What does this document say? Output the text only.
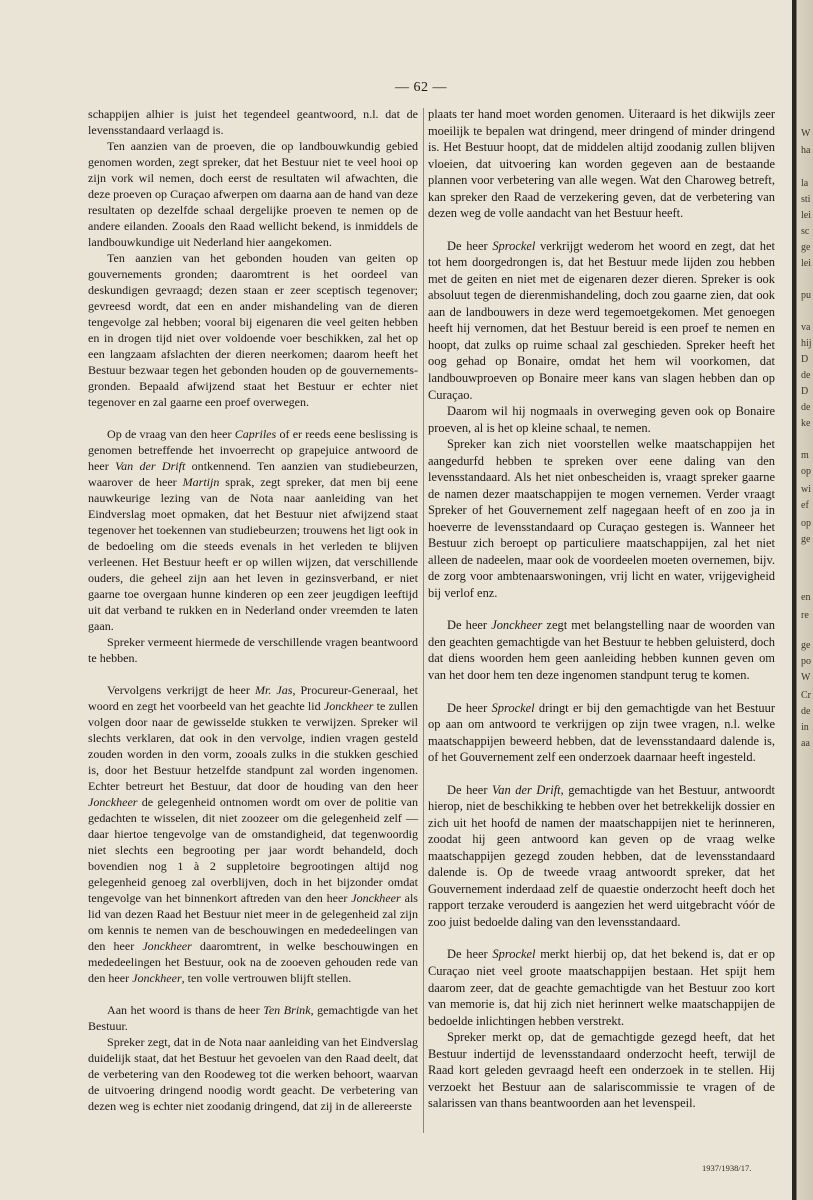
— 62 —

schappijen alhier is juist het tegendeel geantwoord, n.l. dat de levensstandaard verlaagd is.

Ten aanzien van de proeven, die op landbouwkundig gebied genomen worden, zegt spreker, dat het Bestuur niet te veel hooi op zijn vork wil nemen, doch eerst de resultaten wil afwachten, die deze proeven op Curaçao afwerpen om daarna aan de hand van deze resultaten op dezelfde schaal dergelijke proeven te nemen op de andere eilanden. Zooals den Raad wellicht bekend, is inmiddels de landbouwkundige uit Nederland hier aangekomen.

Ten aanzien van het gebonden houden van geiten op gouvernements gronden; daaromtrent is het oordeel van deskundigen gevraagd; dezen staan er zeer sceptisch tegenover; gevreesd wordt, dat een en ander mishandeling van de dieren tengevolge zal hebben; vooral bij eigenaren die veel geiten hebben en in drogen tijd niet over voldoende voer beschikken, zal het op een langzaam afslachten der dieren neerkomen; daarom heeft het Bestuur bezwaar tegen het gebonden houden op de gouvernements-gronden. Bepaald afwijzend staat het Bestuur er echter niet tegenover en zal gaarne een proef overwegen.

Op de vraag van den heer Capriles of er reeds eene beslissing is genomen betreffende het invoerrecht op grapejuice antwoord de heer Van der Drift ontkennend. Ten aanzien van studiebeurzen, waarover de heer Martijn sprak, zegt spreker, dat men bij eene nauwkeurige lezing van de Nota naar aanleiding van het Eindverslag moet opmaken, dat het Bestuur niet afwijzend staat tegenover het toekennen van studiebeurzen; trouwens het ligt ook in de bedoeling om die steeds evenals in het verleden te blijven verleenen. Het Bestuur heeft er op willen wijzen, dat verschillende ouders, die geheel zijn aan het leven in gezinsverband, er niet gaarne toe overgaan hunne kinderen op een zeer jeugdigen leeftijd uit dat verband te rukken en in Nederland onder vreemden te laten gaan.

Spreker vermeent hiermede de verschillende vragen beantwoord te hebben.

Vervolgens verkrijgt de heer Mr. Jas, Procureur-Generaal, het woord en zegt het voorbeeld van het geachte lid Jonckheer te zullen volgen door naar de gewisselde stukken te verwijzen. Spreker wil slechts verklaren, dat ook in den vervolge, indien vragen gesteld zouden worden in den vorm, zooals zulks in die stukken geschied is, door het Bestuur hetzelfde standpunt zal worden ingenomen. Echter betreurt het Bestuur, dat door de houding van den heer Jonckheer de gelegenheid ontnomen wordt om over de politie van gedachten te wisselen, dit niet zoozeer om die gelegenheid zelf — daar hiertoe tengevolge van de omstandigheid, dat tegenwoordig niet slechts een begrooting per jaar wordt behandeld, doch bovendien nog 1 à 2 suppletoire begrootingen altijd nog gelegenheid genoeg zal overblijven, doch in het bijzonder omdat tengevolge van het binnenkort aftreden van den heer Jonckheer als lid van dezen Raad het Bestuur niet meer in de gelegenheid zal zijn om kennis te nemen van de beschouwingen en mededeelingen van den heer Jonckheer daaromtrent, in welke beschouwingen en mededeelingen het Bestuur, ook na de zooeven gehouden rede van den heer Jonckheer, ten volle vertrouwen blijft stellen.

Aan het woord is thans de heer Ten Brink, gemachtigde van het Bestuur.

Spreker zegt, dat in de Nota naar aanleiding van het Eindverslag duidelijk staat, dat het Bestuur het gevoelen van den Raad deelt, dat de verbetering van den Roodeweg tot die werken behoort, waarvan de uitvoering dringend noodig wordt geacht. De verbetering van dezen weg is echter niet zoodanig dringend, dat zij in de allereerste

plaats ter hand moet worden genomen. Uiteraard is het dikwijls zeer moeilijk te bepalen wat dringend, meer dringend of minder dringend is. Het Bestuur hoopt, dat de middelen altijd zoodanig zullen blijven vloeien, dat uitvoering kan worden gegeven aan de bestaande plannen voor verbetering van alle wegen. Wat den Charoweg betreft, kan spreker den Raad de verzekering geven, dat de verbetering van dezen weg de volle aandacht van het Bestuur heeft.

De heer Sprockel verkrijgt wederom het woord en zegt, dat het tot hem doorgedrongen is, dat het Bestuur mede lijden zou hebben met de geiten en niet met de eigenaren dezer dieren. Spreker is ook absoluut tegen de dierenmishandeling, doch zou gaarne zien, dat ook aan de landbouwers in deze werd tegemoetgekomen. Met genoegen heeft hij vernomen, dat het Bestuur bereid is een proef te nemen en hoopt, dat zulks op ruime schaal zal geschieden. Spreker heeft het oog gehad op Bonaire, omdat het hem wil voorkomen, dat landbouwproeven op Bonaire meer kans van slagen hebben dan op Curaçao.

Daarom wil hij nogmaals in overweging geven ook op Bonaire proeven, al is het op kleine schaal, te nemen.

Spreker kan zich niet voorstellen welke maatschappijen het aangedurfd hebben te spreken over eene daling van den levensstandaard. Als het niet onbescheiden is, vraagt spreker gaarne de namen dezer maatschappijen te mogen vernemen. Verder vraagt Spreker of het Gouvernement zelf nagegaan heeft of en zoo ja in hoeverre de levensstandaard op Curaçao gestegen is. Wanneer het Bestuur zich beroept op particuliere maatschappijen, zal het niet alleen de nadeelen, maar ook de voordeelen moeten overnemen, bijv. de zorg voor ambtenaarswoningen, vrij licht en water, vrijgevigheid bij verlof enz.

De heer Jonckheer zegt met belangstelling naar de woorden van den geachten gemachtigde van het Bestuur te hebben geluisterd, doch dat diens woorden hem geen aanleiding hebben kunnen geven om van het door hem ten deze ingenomen standpunt terug te komen.

De heer Sprockel dringt er bij den gemachtigde van het Bestuur op aan om antwoord te verkrijgen op zijn twee vragen, n.l. welke maatschappijen beweerd hebben, dat de levensstandaard dalende is, of het Gouvernement zelf een onderzoek daarnaar heeft ingesteld.

De heer Van der Drift, gemachtigde van het Bestuur, antwoordt hierop, niet de beschikking te hebben over het betrekkelijk dossier en zich uit het hoofd de namen der maatschappijen niet te herinneren, zoodat hij geen antwoord kan geven op de vraag welke maatschappijen gezegd zouden hebben, dat de levensstandaard dalende is. Op de tweede vraag antwoordt spreker, dat het Gouvernement inderdaad zelf de quaestie onderzocht heeft doch het rapport terzake verouderd is aangezien het werd uitgebracht vóór de zoo juist bedoelde daling van den levensstandaard.

De heer Sprockel merkt hierbij op, dat het bekend is, dat er op Curaçao niet veel groote maatschappijen bestaan. Het spijt hem daarom zeer, dat de geachte gemachtigde van het Bestuur zoo kort van memorie is, dat hij zich niet herinnert welke maatschappijen de bedoelde inlichtingen hebben verstrekt.

Spreker merkt op, dat de gemachtigde gezegd heeft, dat het Bestuur indertijd de levensstandaard onderzocht heeft, terwijl de Raad kort geleden gevraagd heeft een onderzoek in te stellen. Hij verzoekt het Bestuur aan de salariscommissie te vragen of de salarissen van thans beantwoorden aan het levenspeil.

1937/1938/17.
W
ha
la
sti
lei
sc
ge
lei
pu
va
hij
D
de
D
de
ke
m
op
wi
ef
op
ge
en
re
ge
po
W
Cr
de
in
aa
